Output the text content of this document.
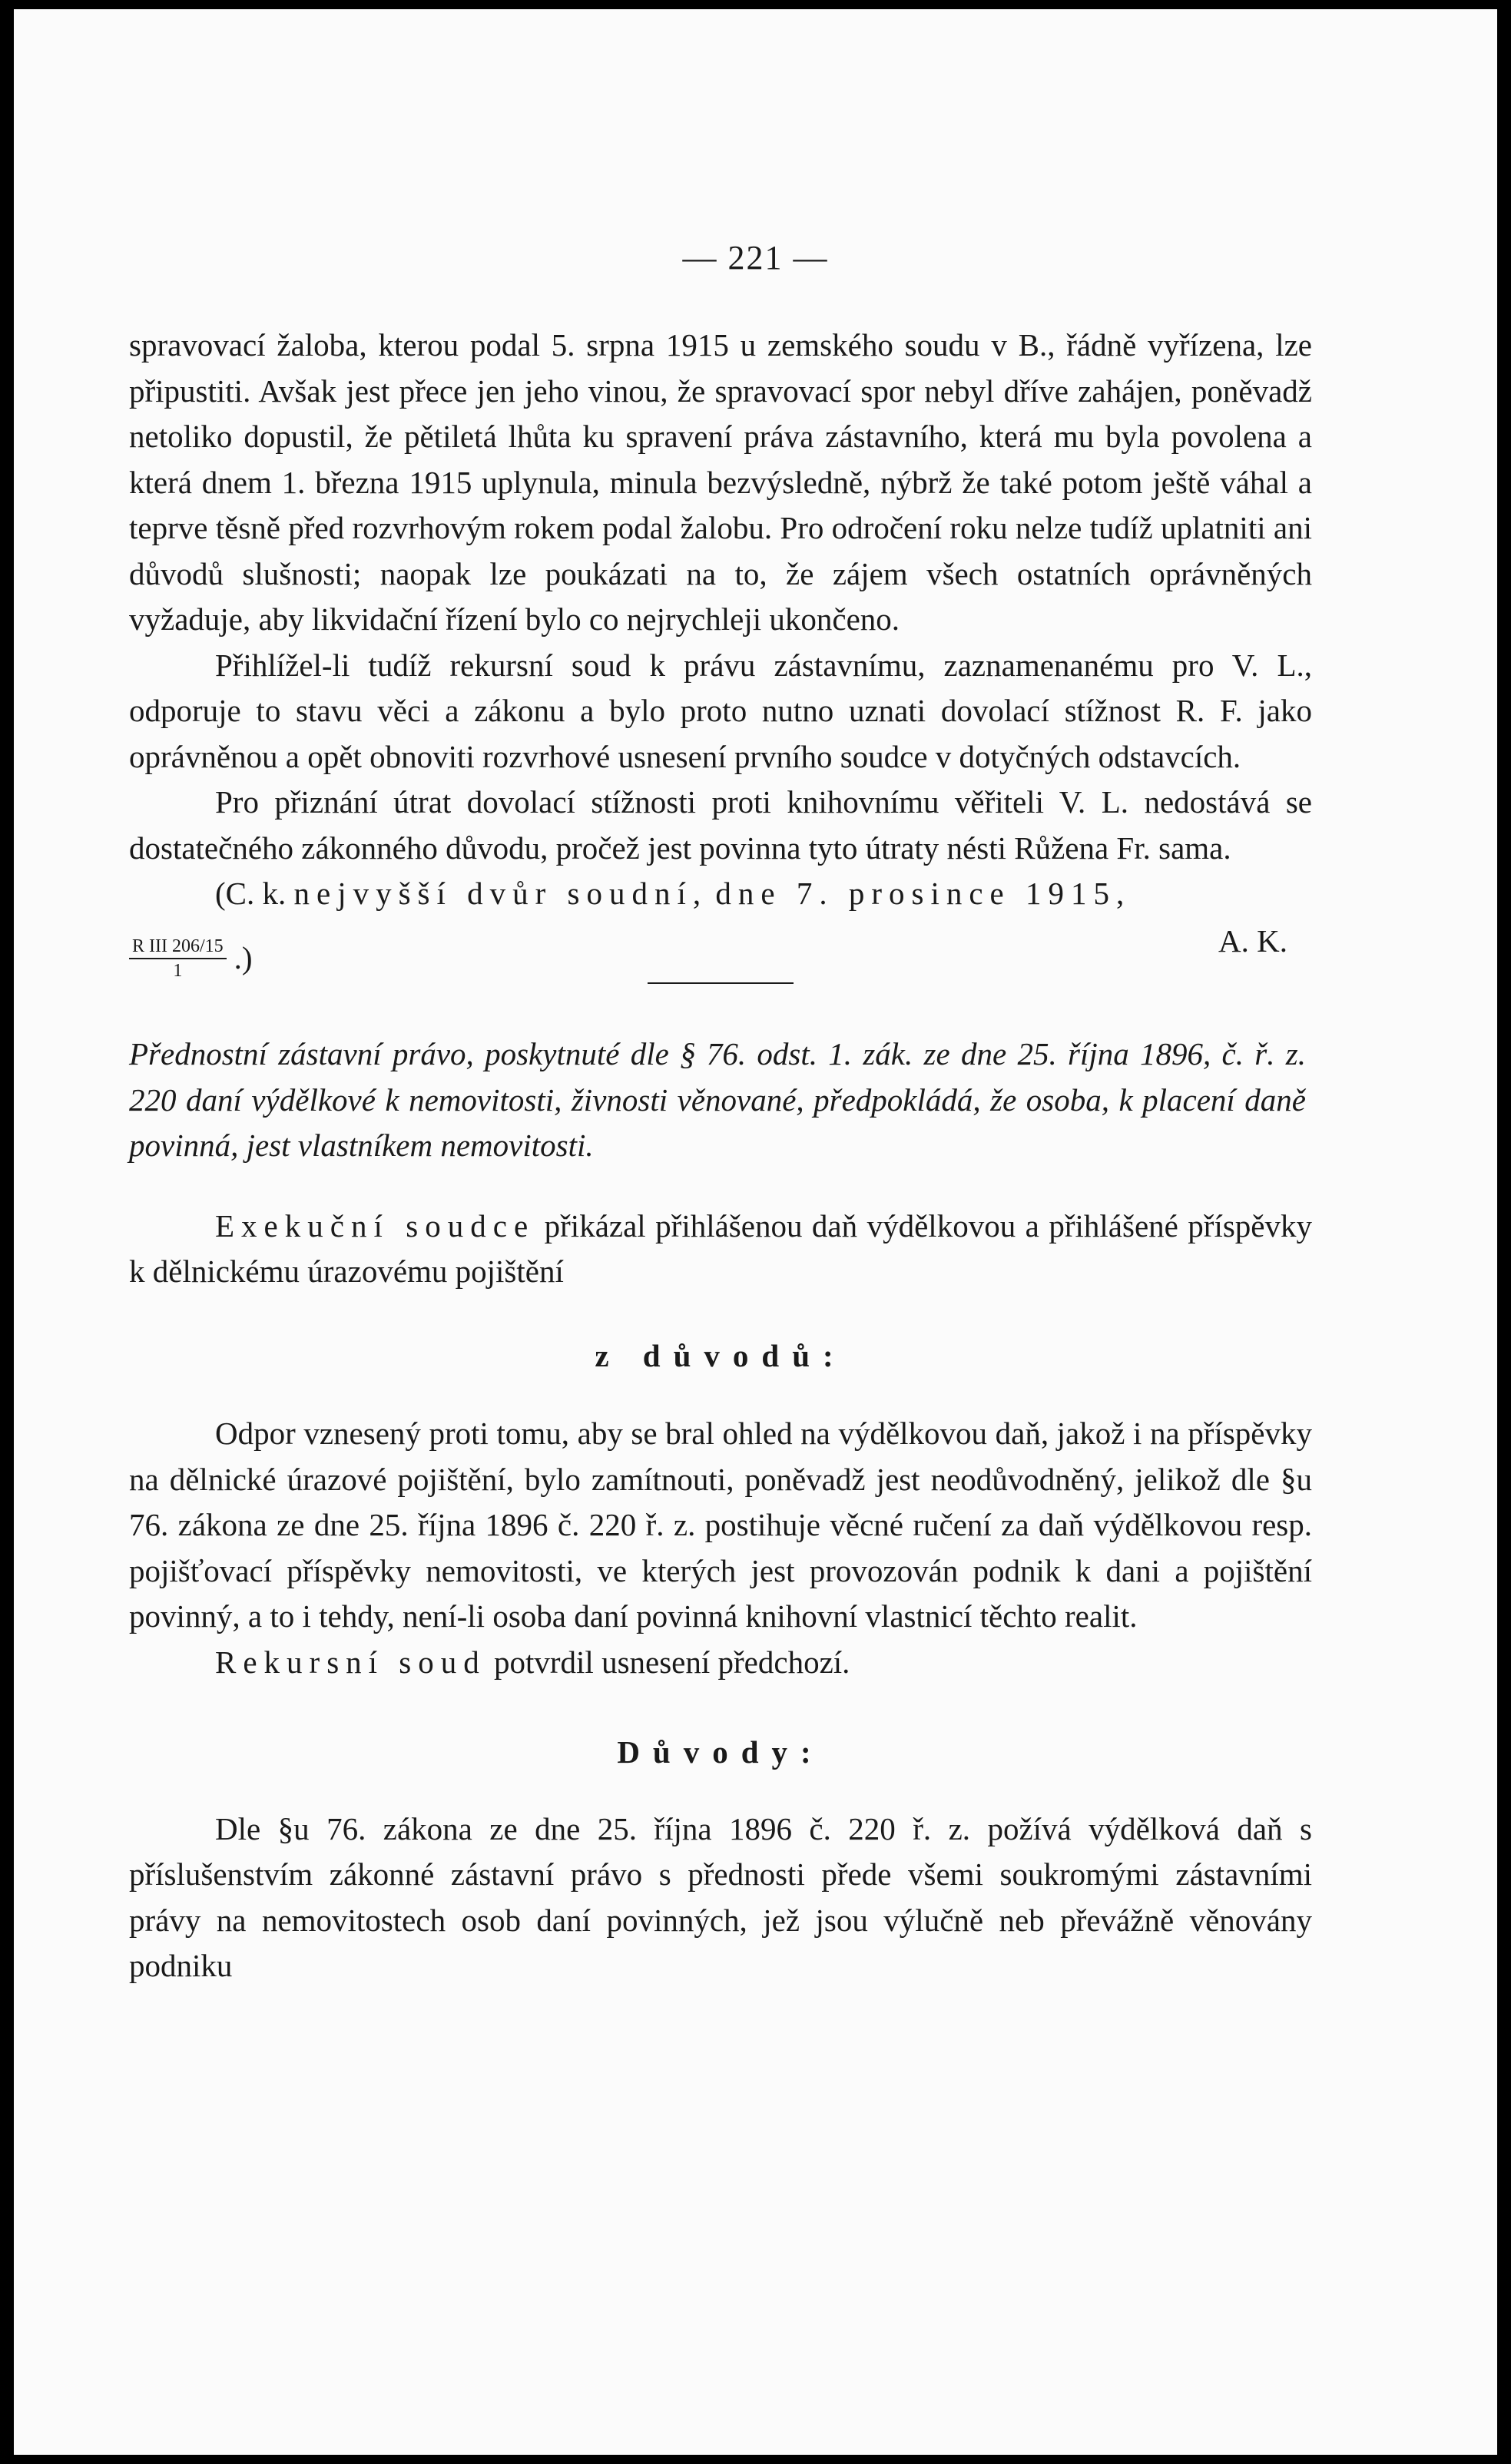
— 221 —

spravovací žaloba, kterou podal 5. srpna 1915 u zemského soudu v B., řádně vyřízena, lze připustiti. Avšak jest přece jen jeho vinou, že spravovací spor nebyl dříve zahájen, poněvadž netoliko dopustil, že pětiletá lhůta ku spravení práva zástavního, která mu byla povolena a která dnem 1. března 1915 uplynula, minula bezvýsledně, nýbrž že také potom ještě váhal a teprve těsně před rozvrhovým rokem podal žalobu. Pro odročení roku nelze tudíž uplatniti ani důvodů slušnosti; naopak lze poukázati na to, že zájem všech ostatních oprávněných vyžaduje, aby likvidační řízení bylo co nejrychleji ukončeno.

Přihlížel-li tudíž rekursní soud k právu zástavnímu, zaznamenanému pro V. L., odporuje to stavu věci a zákonu a bylo proto nutno uznati dovolací stížnost R. F. jako oprávněnou a opět obnoviti rozvrhové usnesení prvního soudce v dotyčných odstavcích.

Pro přiznání útrat dovolací stížnosti proti knihovnímu věřiteli V. L. nedostává se dostatečného zákonného důvodu, pročež jest povinna tyto útraty nésti Růžena Fr. sama.

(C. k. nejvyšší dvůr soudní, dne 7. prosince 1915,

$\frac{\text{R III 206/15}}{1}$ .)	A. K.

Přednostní zástavní právo, poskytnuté dle § 76. odst. 1. zák. ze dne 25. října 1896, č. ř. z. 220 daní výdělkové k nemovitosti, živnosti věnované, předpokládá, že osoba, k placení daně povinná, jest vlastníkem nemovitosti.

Exekuční soudce přikázal přihlášenou daň výdělkovou a přihlášené příspěvky k dělnickému úrazovému pojištění

z důvodů:

Odpor vznesený proti tomu, aby se bral ohled na výdělkovou daň, jakož i na příspěvky na dělnické úrazové pojištění, bylo zamítnouti, poněvadž jest neodůvodněný, jelikož dle §u 76. zákona ze dne 25. října 1896 č. 220 ř. z. postihuje věcné ručení za daň výdělkovou resp. pojišťovací příspěvky nemovitosti, ve kterých jest provozován podnik k dani a pojištění povinný, a to i tehdy, není-li osoba daní povinná knihovní vlastnicí těchto realit.

Rekursní soud potvrdil usnesení předchozí.

Důvody:

Dle §u 76. zákona ze dne 25. října 1896 č. 220 ř. z. požívá výdělková daň s příslušenstvím zákonné zástavní právo s přednosti přede všemi soukromými zástavními právy na nemovitostech osob daní povinných, jež jsou výlučně neb převážně věnovány podniku
